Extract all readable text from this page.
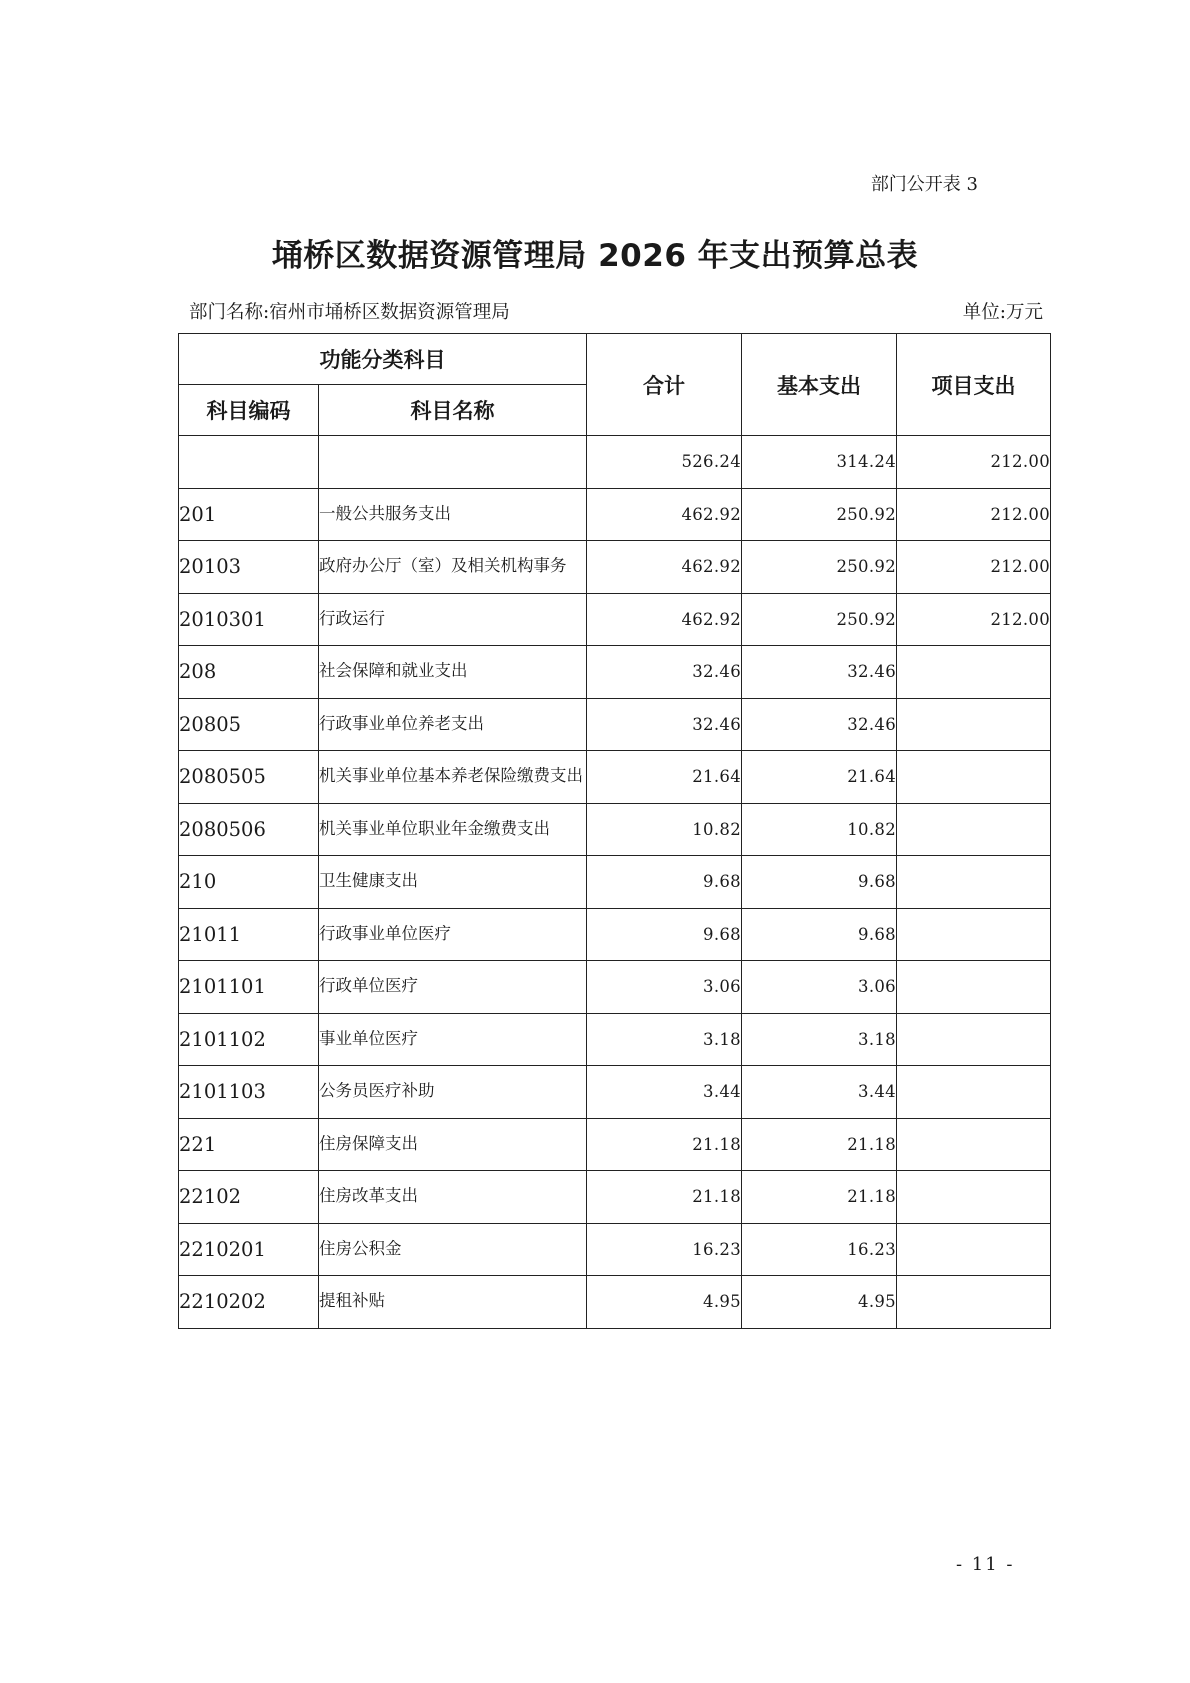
部门公开表 3
埇桥区数据资源管理局 2026 年支出预算总表
部门名称:宿州市埇桥区数据资源管理局	单位:万元
功能分类科目		合计	基本支出	项目支出
科目编码	科目名称			
		526.24	314.24	212.00
201	一般公共服务支出	462.92	250.92	212.00
20103	政府办公厅（室）及相关机构事务	462.92	250.92	212.00
2010301	行政运行	462.92	250.92	212.00
208	社会保障和就业支出	32.46	32.46	
20805	行政事业单位养老支出	32.46	32.46	
2080505	机关事业单位基本养老保险缴费支出	21.64	21.64	
2080506	机关事业单位职业年金缴费支出	10.82	10.82	
210	卫生健康支出	9.68	9.68	
21011	行政事业单位医疗	9.68	9.68	
2101101	行政单位医疗	3.06	3.06	
2101102	事业单位医疗	3.18	3.18	
2101103	公务员医疗补助	3.44	3.44	
221	住房保障支出	21.18	21.18	
22102	住房改革支出	21.18	21.18	
2210201	住房公积金	16.23	16.23	
2210202	提租补贴	4.95	4.95	
- 11 -
